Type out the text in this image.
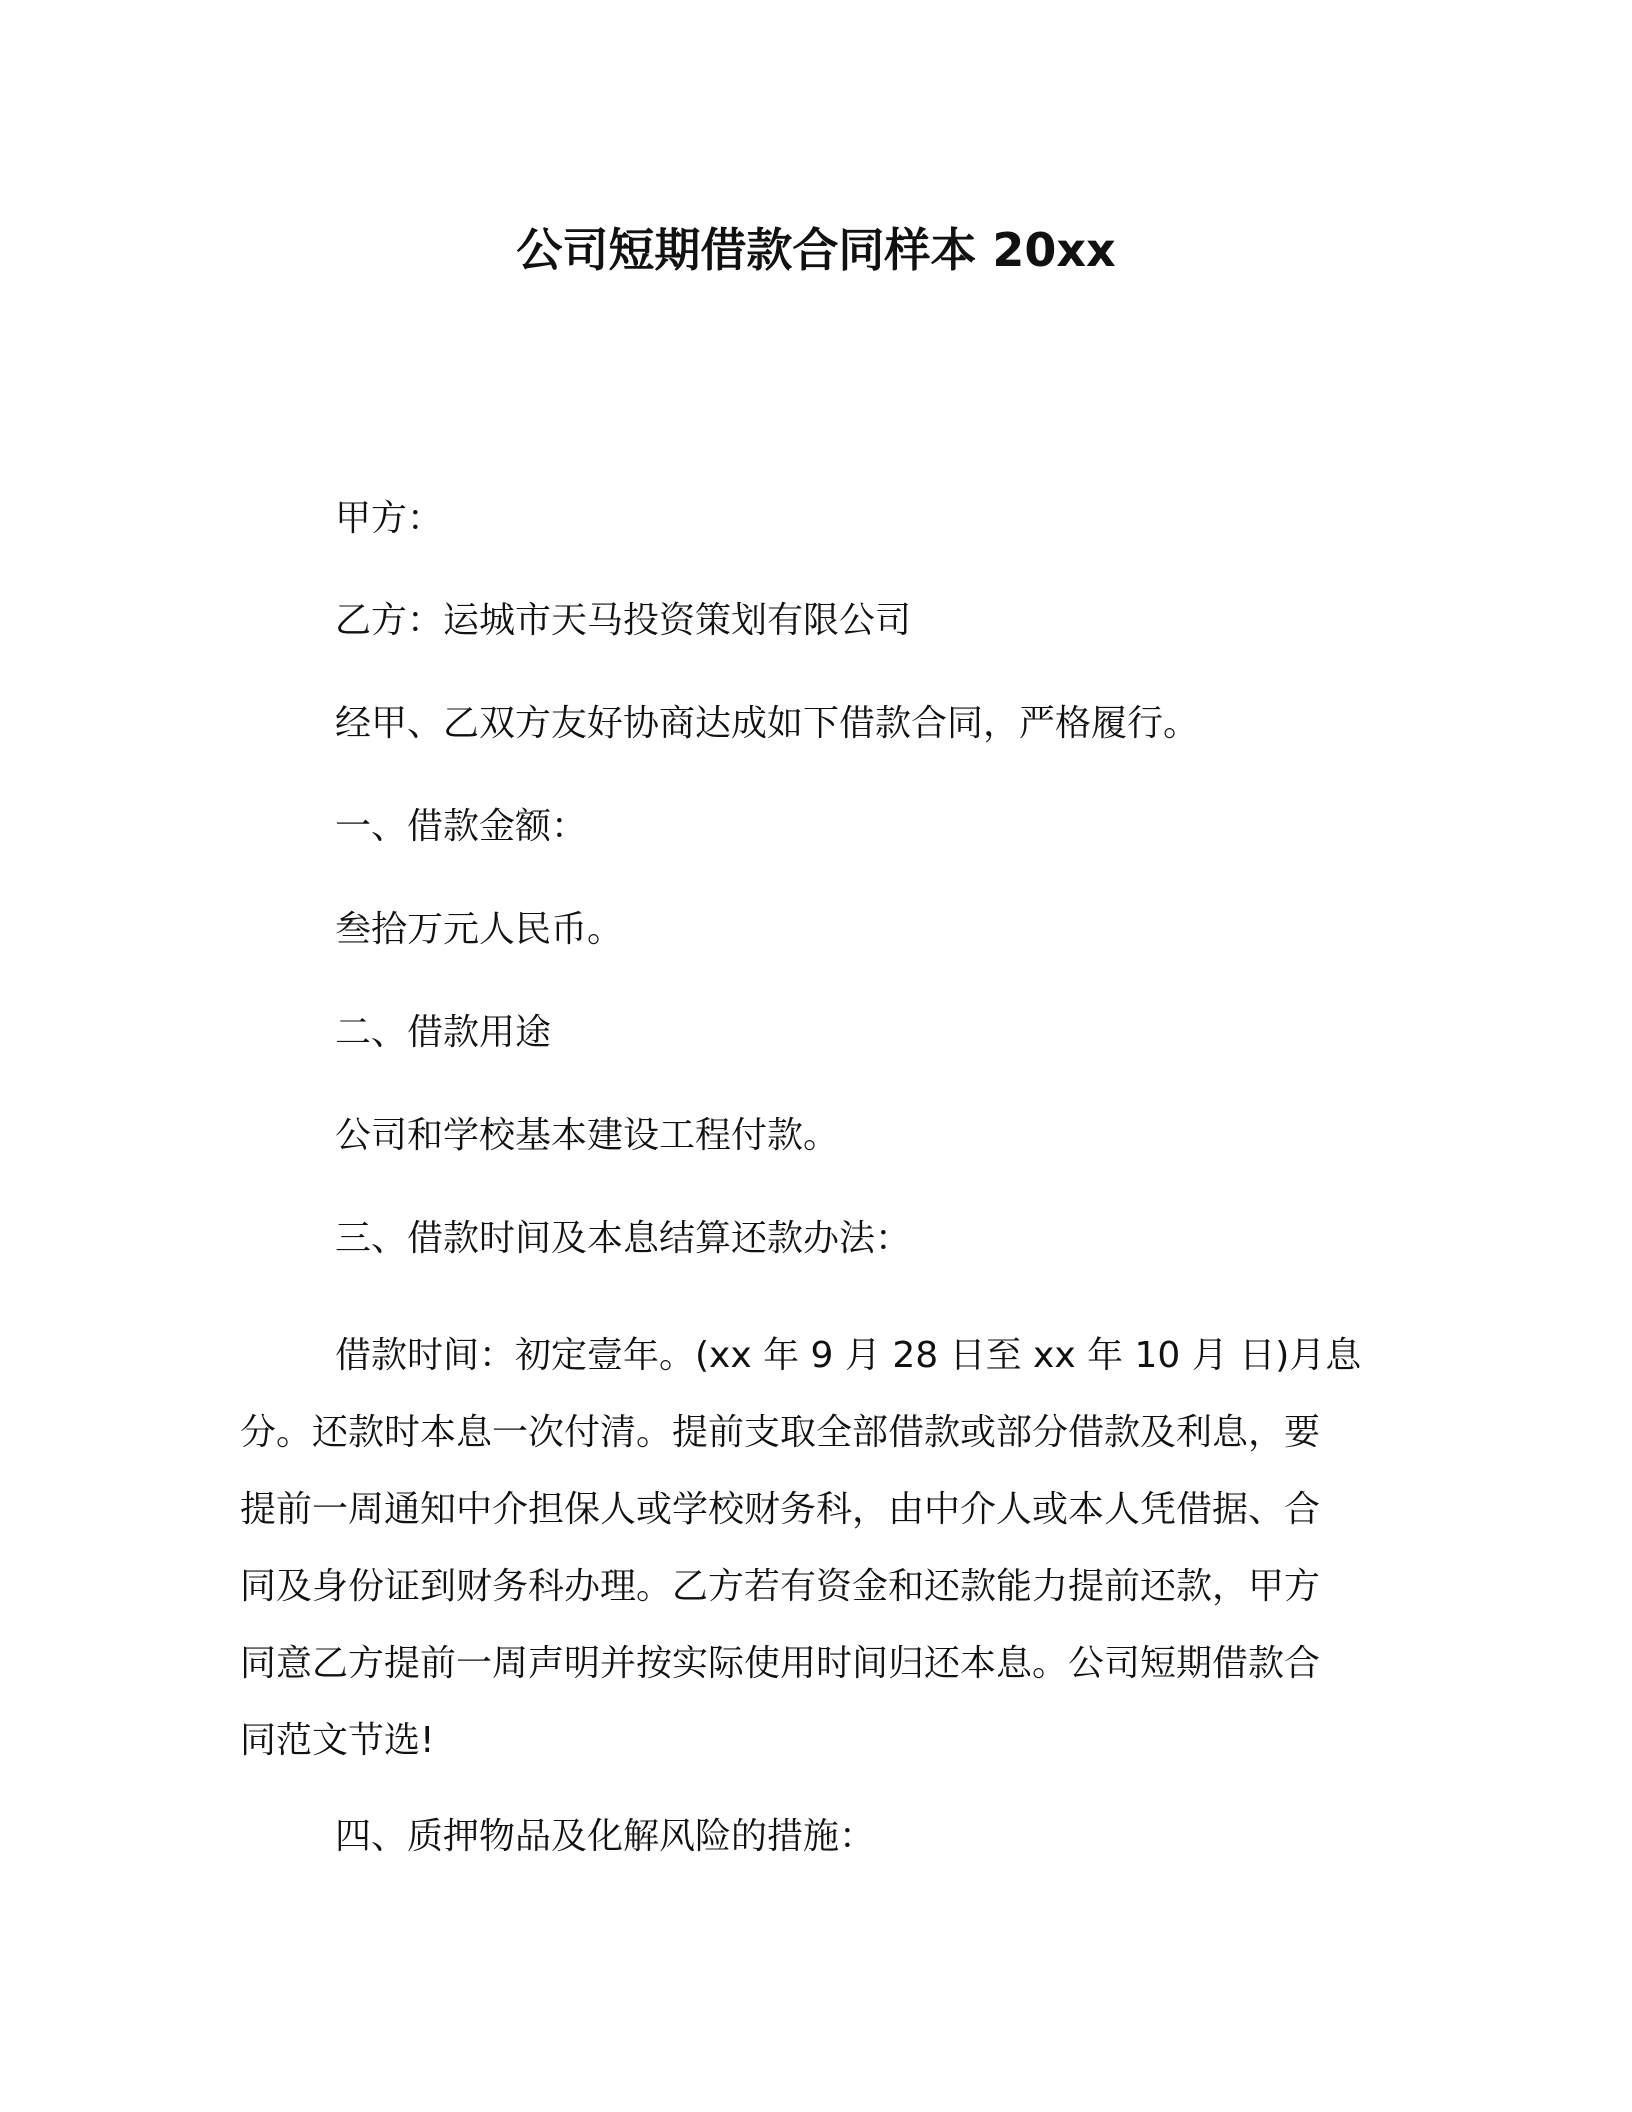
公司短期借款合同样本 20xx
甲方：
乙方：运城市天马投资策划有限公司
经甲、乙双方友好协商达成如下借款合同，严格履行。
一、借款金额：
叁拾万元人民币。
二、借款用途
公司和学校基本建设工程付款。
三、借款时间及本息结算还款办法：
借款时间：初定壹年。(xx 年 9 月 28 日至 xx 年 10 月 日)月息
分。还款时本息一次付清。提前支取全部借款或部分借款及利息，要
提前一周通知中介担保人或学校财务科，由中介人或本人凭借据、合
同及身份证到财务科办理。乙方若有资金和还款能力提前还款，甲方
同意乙方提前一周声明并按实际使用时间归还本息。公司短期借款合
同范文节选!
四、质押物品及化解风险的措施：
